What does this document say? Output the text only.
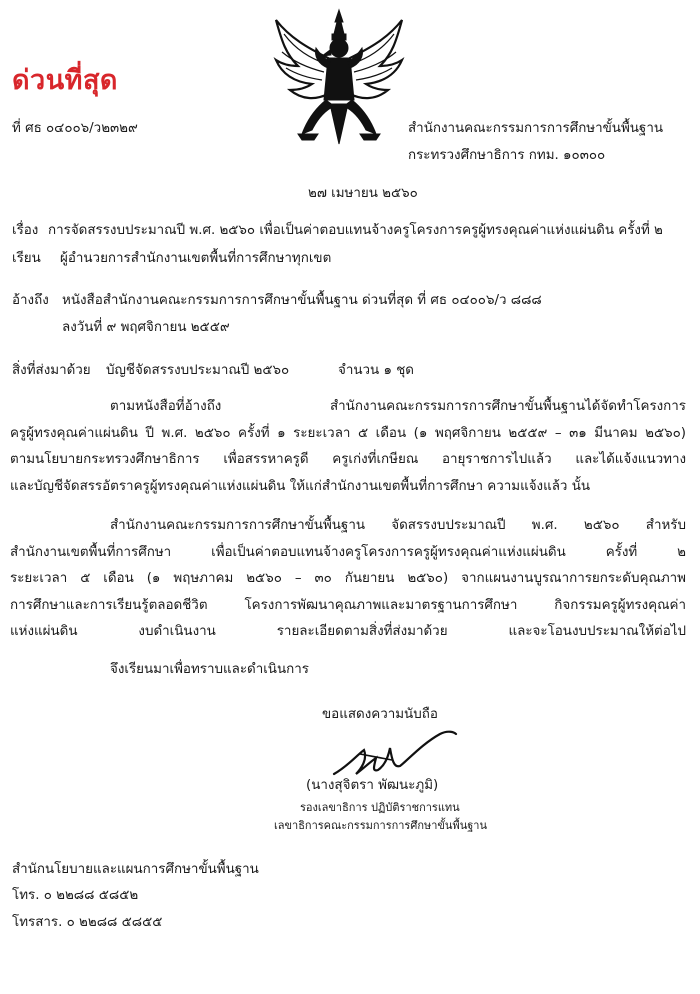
ด่วนที่สุด
ที่ ศธ ๐๔๐๐๖/ว๒๓๒๙	สำนักงานคณะกรรมการการศึกษาขั้นพื้นฐาน
กระทรวงศึกษาธิการ กทม. ๑๐๓๐๐
๒๗ เมษายน ๒๕๖๐
เรื่อง การจัดสรรงบประมาณปี พ.ศ. ๒๕๖๐ เพื่อเป็นค่าตอบแทนจ้างครูโครงการครูผู้ทรงคุณค่าแห่งแผ่นดิน ครั้งที่ ๒
เรียน ผู้อำนวยการสำนักงานเขตพื้นที่การศึกษาทุกเขต
อ้างถึง หนังสือสำนักงานคณะกรรมการการศึกษาขั้นพื้นฐาน ด่วนที่สุด ที่ ศธ ๐๔๐๐๖/ว ๘๘๘
ลงวันที่ ๙ พฤศจิกายน ๒๕๕๙
สิ่งที่ส่งมาด้วย บัญชีจัดสรรงบประมาณปี ๒๕๖๐	จำนวน ๑ ชุด
ตามหนังสือที่อ้างถึง สำนักงานคณะกรรมการการศึกษาขั้นพื้นฐานได้จัดทำโครงการ
ครูผู้ทรงคุณค่าแผ่นดิน ปี พ.ศ. ๒๕๖๐ ครั้งที่ ๑ ระยะเวลา ๕ เดือน (๑ พฤศจิกายน ๒๕๕๙ – ๓๑ มีนาคม ๒๕๖๐)
ตามนโยบายกระทรวงศึกษาธิการ เพื่อสรรหาครูดี ครูเก่งที่เกษียณ อายุราชการไปแล้ว และได้แจ้งแนวทาง
และบัญชีจัดสรรอัตราครูผู้ทรงคุณค่าแห่งแผ่นดิน ให้แก่สำนักงานเขตพื้นที่การศึกษา ความแจ้งแล้ว นั้น
สำนักงานคณะกรรมการการศึกษาขั้นพื้นฐาน จัดสรรงบประมาณปี พ.ศ. ๒๕๖๐ สำหรับ
สำนักงานเขตพื้นที่การศึกษา เพื่อเป็นค่าตอบแทนจ้างครูโครงการครูผู้ทรงคุณค่าแห่งแผ่นดิน ครั้งที่ ๒
ระยะเวลา ๕ เดือน (๑ พฤษภาคม ๒๕๖๐ – ๓๐ กันยายน ๒๕๖๐) จากแผนงานบูรณาการยกระดับคุณภาพ
การศึกษาและการเรียนรู้ตลอดชีวิต โครงการพัฒนาคุณภาพและมาตรฐานการศึกษา กิจกรรมครูผู้ทรงคุณค่า
แห่งแผ่นดิน งบดำเนินงาน รายละเอียดตามสิ่งที่ส่งมาด้วย และจะโอนงบประมาณให้ต่อไป
จึงเรียนมาเพื่อทราบและดำเนินการ
ขอแสดงความนับถือ
(นางสุจิตรา พัฒนะภูมิ)
รองเลขาธิการ ปฏิบัติราชการแทน
เลขาธิการคณะกรรมการการศึกษาขั้นพื้นฐาน
สำนักนโยบายและแผนการศึกษาขั้นพื้นฐาน
โทร. ๐ ๒๒๘๘ ๕๘๕๒
โทรสาร. ๐ ๒๒๘๘ ๕๘๕๕
